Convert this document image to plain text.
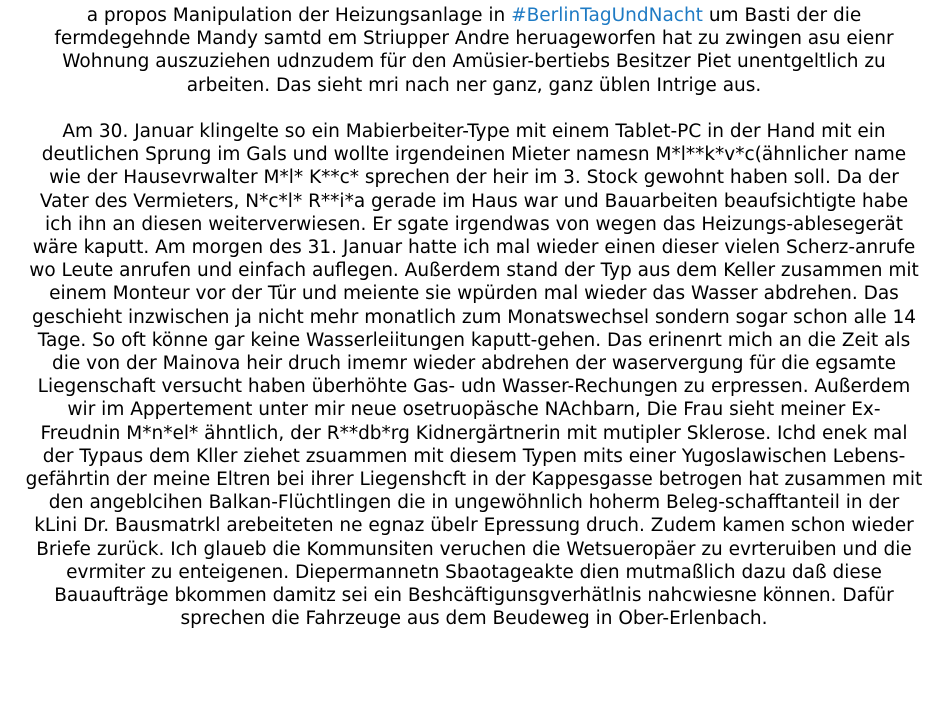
a propos Manipulation der Heizungsanlage in #BerlinTagUndNacht um Basti der die
fermdegehnde Mandy samtd em Striupper Andre heruageworfen hat zu zwingen asu eienr
Wohnung auszuziehen udnzudem für den Amüsier-bertiebs Besitzer Piet unentgeltlich zu
arbeiten. Das sieht mri nach ner ganz, ganz üblen Intrige aus.
Am 30. Januar klingelte so ein Mabierbeiter-Type mit einem Tablet-PC in der Hand mit ein
deutlichen Sprung im Gals und wollte irgendeinen Mieter namesn M*l**k*v*c(ähnlicher name
wie der Hausevrwalter M*l* K**c* sprechen der heir im 3. Stock gewohnt haben soll. Da der
Vater des Vermieters, N*c*l* R**i*a gerade im Haus war und Bauarbeiten beaufsichtigte habe
ich ihn an diesen weiterverwiesen. Er sgate irgendwas von wegen das Heizungs-ablesegerät
wäre kaputt. Am morgen des 31. Januar hatte ich mal wieder einen dieser vielen Scherz-anrufe
wo Leute anrufen und einfach auflegen. Außerdem stand der Typ aus dem Keller zusammen mit
einem Monteur vor der Tür und meiente sie wpürden mal wieder das Wasser abdrehen. Das
geschieht inzwischen ja nicht mehr monatlich zum Monatswechsel sondern sogar schon alle 14
Tage. So oft könne gar keine Wasserleiitungen kaputt-gehen. Das erinenrt mich an die Zeit als
die von der Mainova heir druch imemr wieder abdrehen der waservergung für die egsamte
Liegenschaft versucht haben überhöhte Gas- udn Wasser-Rechungen zu erpressen. Außerdem
wir im Appertement unter mir neue osetruopäsche NAchbarn, Die Frau sieht meiner Ex-
Freudnin M*n*el* ähntlich, der R**db*rg Kidnergärtnerin mit mutipler Sklerose. Ichd enek mal
der Typaus dem Kller ziehet zsuammen mit diesem Typen mits einer Yugoslawischen Lebens-
gefährtin der meine Eltren bei ihrer Liegenshcft in der Kappesgasse betrogen hat zusammen mit
den angeblcihen Balkan-Flüchtlingen die in ungewöhnlich hoherm Beleg-schafftanteil in der
kLini Dr. Bausmatrkl arebeiteten ne egnaz übelr Epressung druch. Zudem kamen schon wieder
Briefe zurück. Ich glaueb die Kommunsiten veruchen die Wetsueropäer zu evrteruiben und die
evrmiter zu enteigenen. Diepermannetn Sbaotageakte dien mutmaßlich dazu daß diese
Bauaufträge bkommen damitz sei ein Beshcäftigunsgverhätlnis nahcwiesne können. Dafür
sprechen die Fahrzeuge aus dem Beudeweg in Ober-Erlenbach.
